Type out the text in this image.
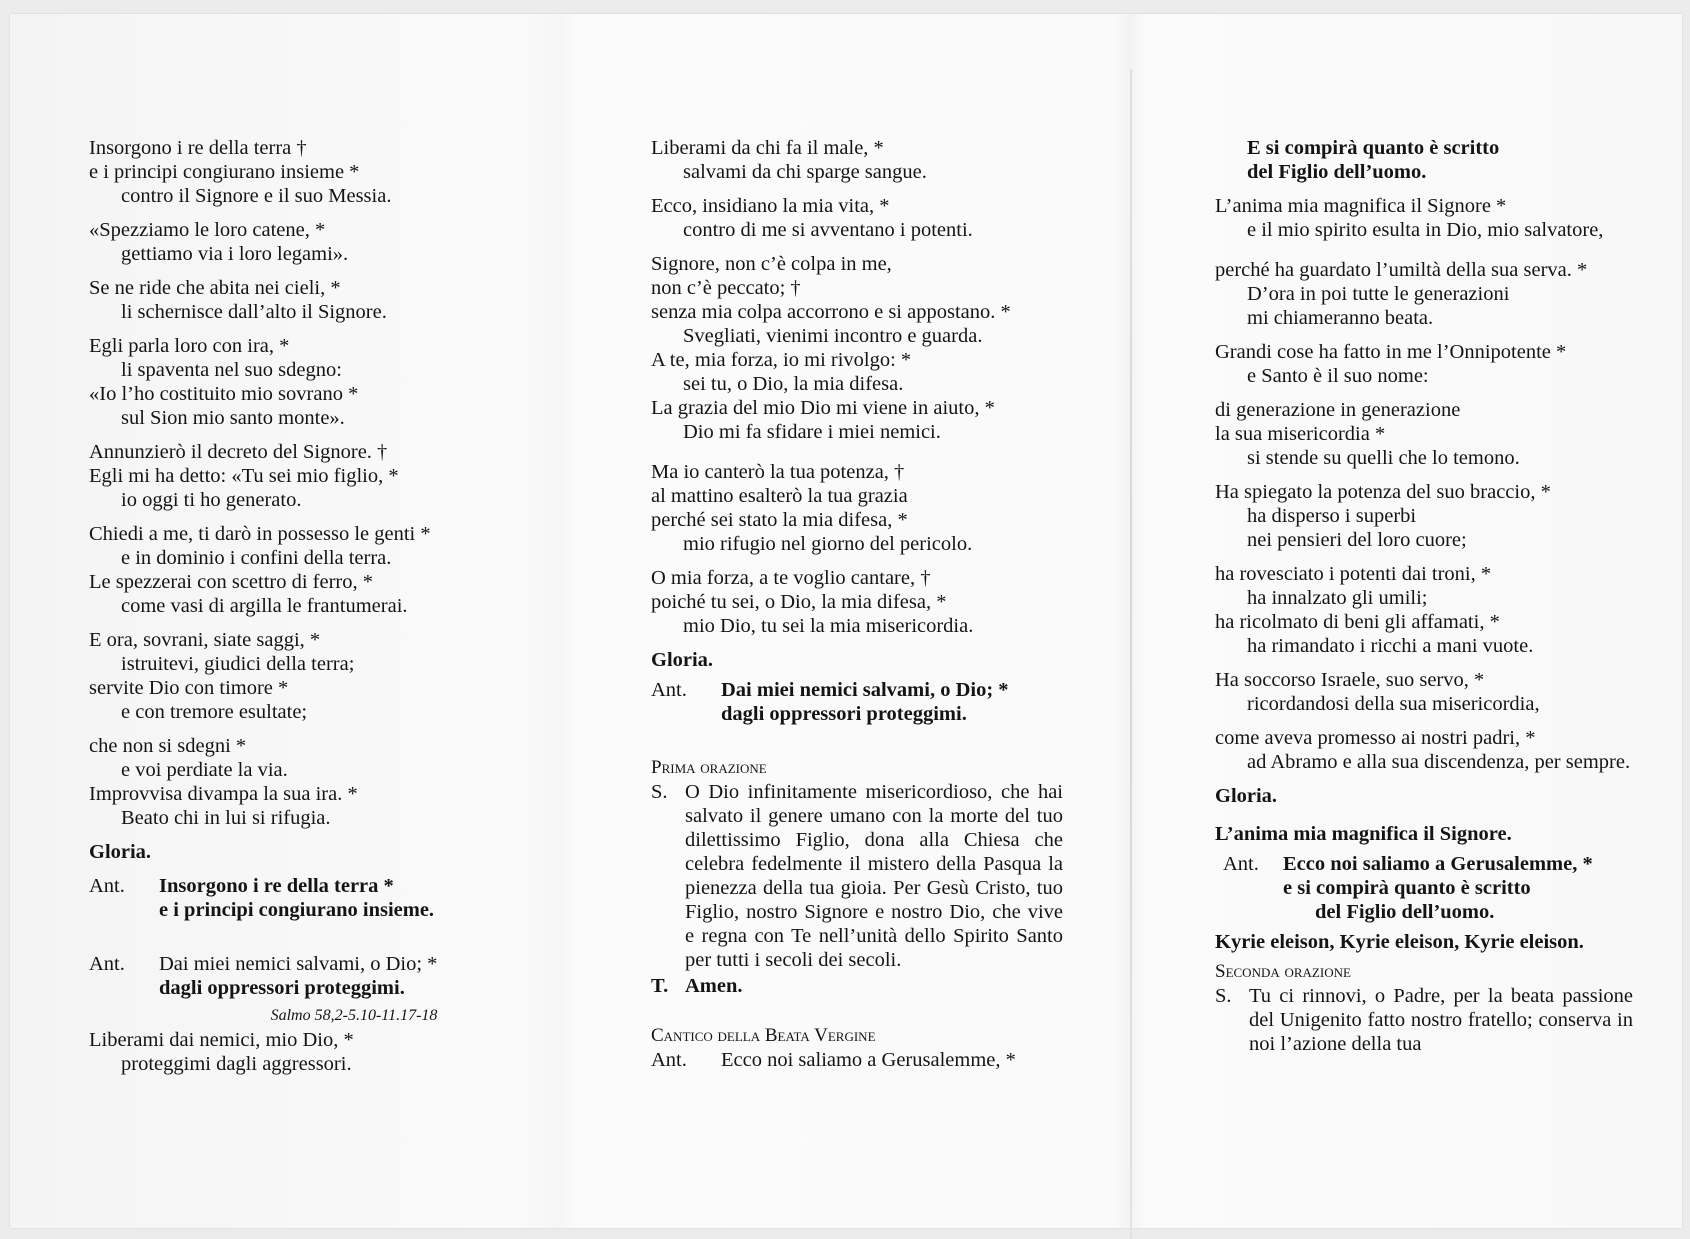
Insorgono i re della terra †

e i principi congiurano insieme *

contro il Signore e il suo Messia.

«Spezziamo le loro catene, *

gettiamo via i loro legami».

Se ne ride che abita nei cieli, *

li schernisce dall’alto il Signore.

Egli parla loro con ira, *

li spaventa nel suo sdegno:

«Io l’ho costituito mio sovrano *

sul Sion mio santo monte».

Annunzierò il decreto del Signore. †

Egli mi ha detto: «Tu sei mio figlio, *

io oggi ti ho generato.

Chiedi a me, ti darò in possesso le genti *

e in dominio i confini della terra.

Le spezzerai con scettro di ferro, *

come vasi di argilla le frantumerai.

E ora, sovrani, siate saggi, *

istruitevi, giudici della terra;

servite Dio con timore *

e con tremore esultate;

che non si sdegni *

e voi perdiate la via.

Improvvisa divampa la sua ira. *

Beato chi in lui si rifugia.

Gloria.

Ant.	Insorgono i re della terra *

e i principi congiurano insieme.

Ant.	Dai miei nemici salvami, o Dio; *

dagli oppressori proteggimi.

Salmo 58,2-5.10-11.17-18

Liberami dai nemici, mio Dio, *

proteggimi dagli aggressori.

Liberami da chi fa il male, *

salvami da chi sparge sangue.

Ecco, insidiano la mia vita, *

contro di me si avventano i potenti.

Signore, non c’è colpa in me,

non c’è peccato; †

senza mia colpa accorrono e si appostano. *

Svegliati, vienimi incontro e guarda.

A te, mia forza, io mi rivolgo: *

sei tu, o Dio, la mia difesa.

La grazia del mio Dio mi viene in aiuto, *

Dio mi fa sfidare i miei nemici.

Ma io canterò la tua potenza, †

al mattino esalterò la tua grazia

perché sei stato la mia difesa, *

mio rifugio nel giorno del pericolo.

O mia forza, a te voglio cantare, †

poiché tu sei, o Dio, la mia difesa, *

mio Dio, tu sei la mia misericordia.

Gloria.

Ant.	Dai miei nemici salvami, o Dio; *

dagli oppressori proteggimi.

Prima orazione

S. O Dio infinitamente misericordioso, che hai salvato il genere umano con la morte del tuo dilettissimo Figlio, dona alla Chiesa che celebra fedelmente il mistero della Pasqua la pienezza della tua gioia. Per Gesù Cristo, tuo Figlio, nostro Signore e nostro Dio, che vive e regna con Te nell’unità dello Spirito Santo per tutti i secoli dei secoli.
T. Amen.

Cantico della Beata Vergine

Ant.	Ecco noi saliamo a Gerusalemme, *

E si compirà quanto è scritto

del Figlio dell’uomo.

L’anima mia magnifica il Signore *

e il mio spirito esulta in Dio, mio salvatore,

perché ha guardato l’umiltà della sua serva. *

D’ora in poi tutte le generazioni

mi chiameranno beata.

Grandi cose ha fatto in me l’Onnipotente *

e Santo è il suo nome:

di generazione in generazione

la sua misericordia *

si stende su quelli che lo temono.

Ha spiegato la potenza del suo braccio, *

ha disperso i superbi

nei pensieri del loro cuore;

ha rovesciato i potenti dai troni, *

ha innalzato gli umili;

ha ricolmato di beni gli affamati, *

ha rimandato i ricchi a mani vuote.

Ha soccorso Israele, suo servo, *

ricordandosi della sua misericordia,

come aveva promesso ai nostri padri, *

ad Abramo e alla sua discendenza, per sempre.

Gloria.

L’anima mia magnifica il Signore.

Ant.	Ecco noi saliamo a Gerusalemme, *

e si compirà quanto è scritto

del Figlio dell’uomo.

Kyrie eleison, Kyrie eleison, Kyrie eleison.

Seconda orazione

S. Tu ci rinnovi, o Padre, per la beata passione del Unigenito fatto nostro fratello; conserva in noi l’azione della tua
